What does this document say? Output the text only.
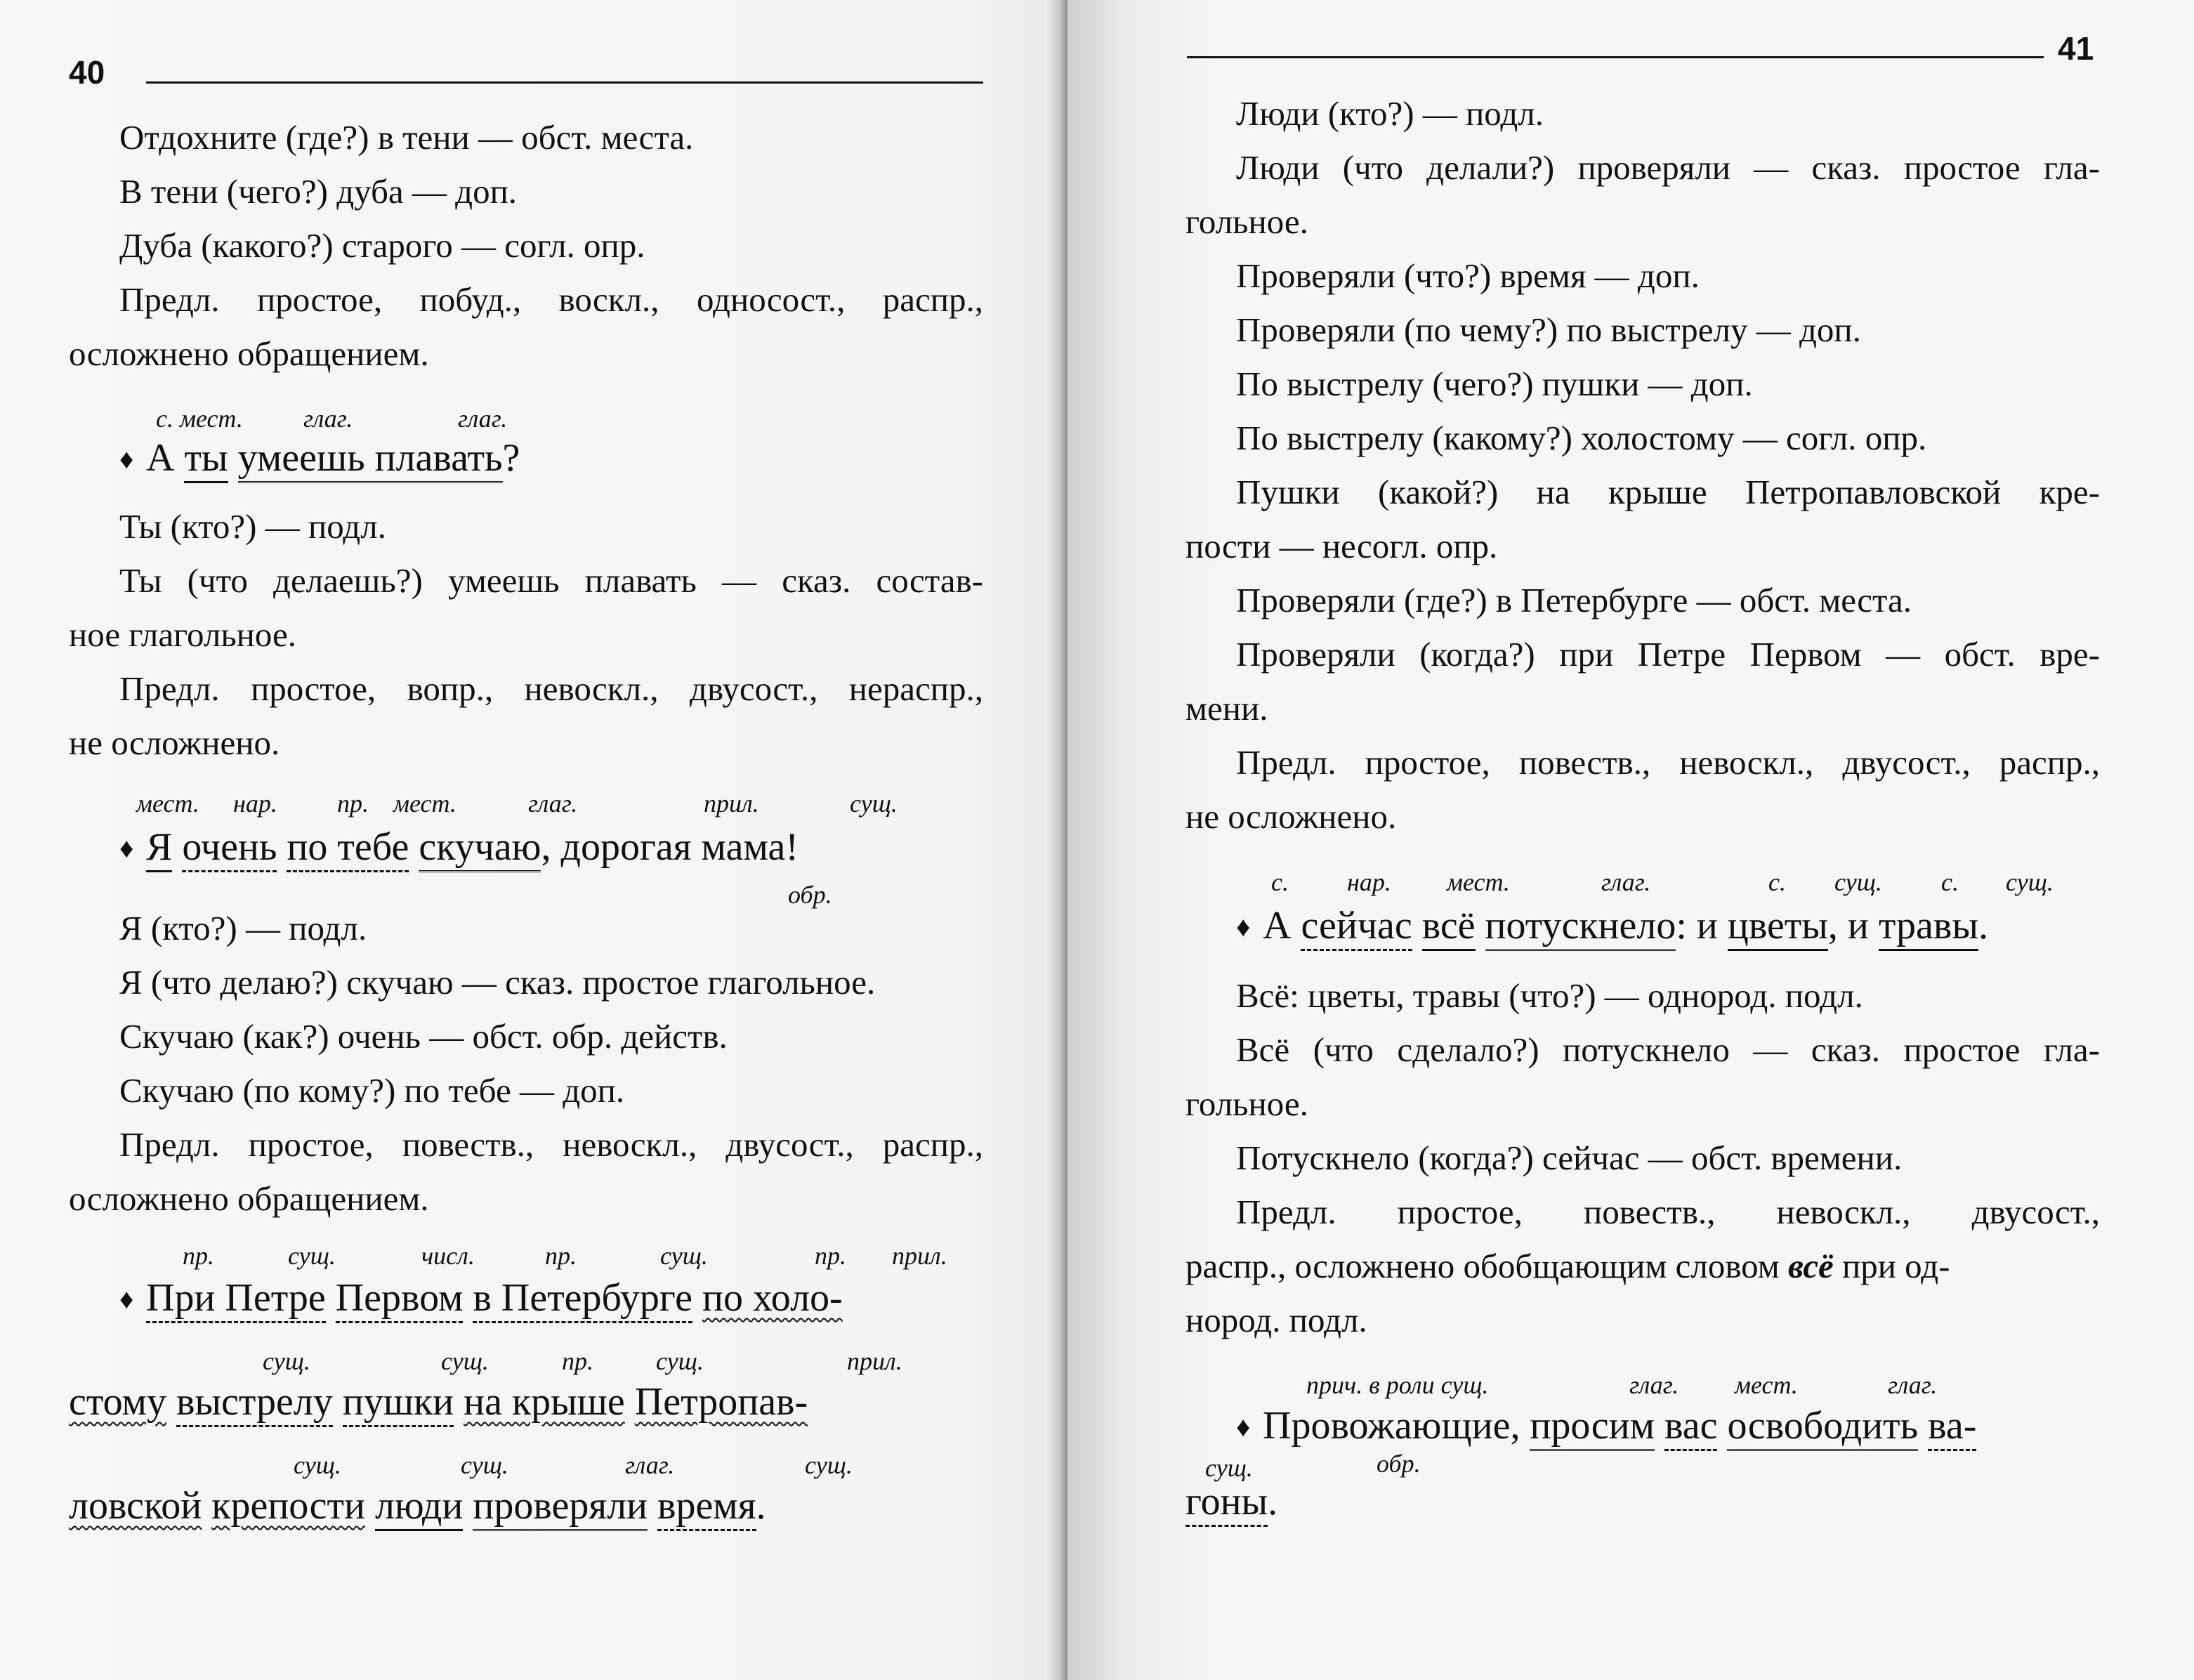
40
Отдохните (где?) в тени — обст. места.
В тени (чего?) дуба — доп.
Дуба (какого?) старого — согл. опр.
Предл. простое, побуд., воскл., односост., распр.,
осложнено обращением.
с. мест. глаг.	глаг.
♦ А ты умеешь плавать?
Ты (кто?) — подл.
Ты (что делаешь?) умеешь плавать — сказ. состав-
ное глагольное.
Предл. простое, вопр., невоскл., двусост., нераспр.,
не осложнено.
мест. нар. пр. мест.	глаг.	прил.	сущ.
♦ Я очень по тебе скучаю, дорогая мама!
обр.
Я (кто?) — подл.
Я (что делаю?) скучаю — сказ. простое глагольное.
Скучаю (как?) очень — обст. обр. действ.
Скучаю (по кому?) по тебе — доп.
Предл. простое, повеств., невоскл., двусост., распр.,
осложнено обращением.
пр.	сущ.	числ.	пр.	сущ.	пр. прил.
♦ При Петре Первом в Петербурге по холо-
сущ.	сущ.	пр. сущ.	прил.
стому выстрелу пушки на крыше Петропав-
сущ.	сущ.	глаг.	сущ.
ловской крепости люди проверяли время.
41
Люди (кто?) — подл.
Люди (что делали?) проверяли — сказ. простое гла-
гольное.
Проверяли (что?) время — доп.
Проверяли (по чему?) по выстрелу — доп.
По выстрелу (чего?) пушки — доп.
По выстрелу (какому?) холостому — согл. опр.
Пушки (какой?) на крыше Петропавловской кре-
пости — несогл. опр.
Проверяли (где?) в Петербурге — обст. места.
Проверяли (когда?) при Петре Первом — обст. вре-
мени.
Предл. простое, повеств., невоскл., двусост., распр.,
не осложнено.
с. нар. мест.	глаг.	с. сущ. с. сущ.
♦ А сейчас всё потускнело: и цветы, и травы.
Всё: цветы, травы (что?) — однород. подл.
Всё (что сделало?) потускнело — сказ. простое гла-
гольное.
Потускнело (когда?) сейчас — обст. времени.
Предл. простое, повеств., невоскл., двусост.,
распр., осложнено обобщающим словом всё при од-
нород. подл.
прич. в роли сущ.	глаг. мест.	глаг.
♦ Провожающие, просим вас освободить ва-
сущ.	обр.
гоны.
